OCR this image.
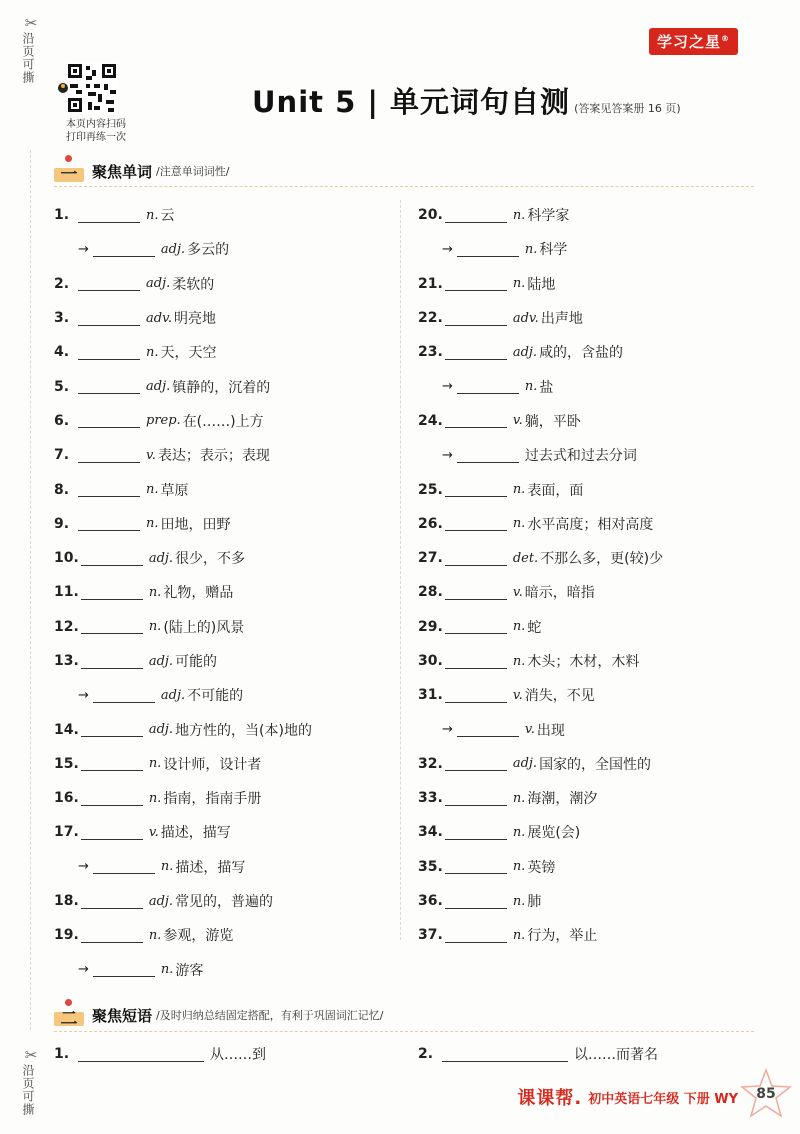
✂
沿页可撕
✂
沿页可撕
学习之星®
本页内容扫码
打印再练一次
Unit 5 | 单元词句自测 (答案见答案册 16 页)
一 聚焦单词 /注意单词词性/
1.	n. 云
→	adj. 多云的
2.	adj. 柔软的
3.	adv. 明亮地
4.	n. 天，天空
5.	adj. 镇静的，沉着的
6.	prep. 在(……)上方
7.	v. 表达；表示；表现
8.	n. 草原
9.	n. 田地，田野
10.	adj. 很少，不多
11.	n. 礼物，赠品
12.	n. (陆上的)风景
13.	adj. 可能的
→	adj. 不可能的
14.	adj. 地方性的，当(本)地的
15.	n. 设计师，设计者
16.	n. 指南，指南手册
17.	v. 描述，描写
→	n. 描述，描写
18.	adj. 常见的，普遍的
19.	n. 参观，游览
→	n. 游客
20.	n. 科学家
→	n. 科学
21.	n. 陆地
22.	adv. 出声地
23.	adj. 咸的，含盐的
→	n. 盐
24.	v. 躺，平卧
→	过去式和过去分词
25.	n. 表面，面
26.	n. 水平高度；相对高度
27.	det. 不那么多，更(较)少
28.	v. 暗示，暗指
29.	n. 蛇
30.	n. 木头；木材，木料
31.	v. 消失，不见
→	v. 出现
32.	adj. 国家的，全国性的
33.	n. 海潮，潮汐
34.	n. 展览(会)
35.	n. 英镑
36.	n. 肺
37.	n. 行为，举止
二 聚焦短语 /及时归纳总结固定搭配，有利于巩固词汇记忆/
1.	从……到	2.	以……而著名
课课帮. 初中英语七年级 下册 WY	85
